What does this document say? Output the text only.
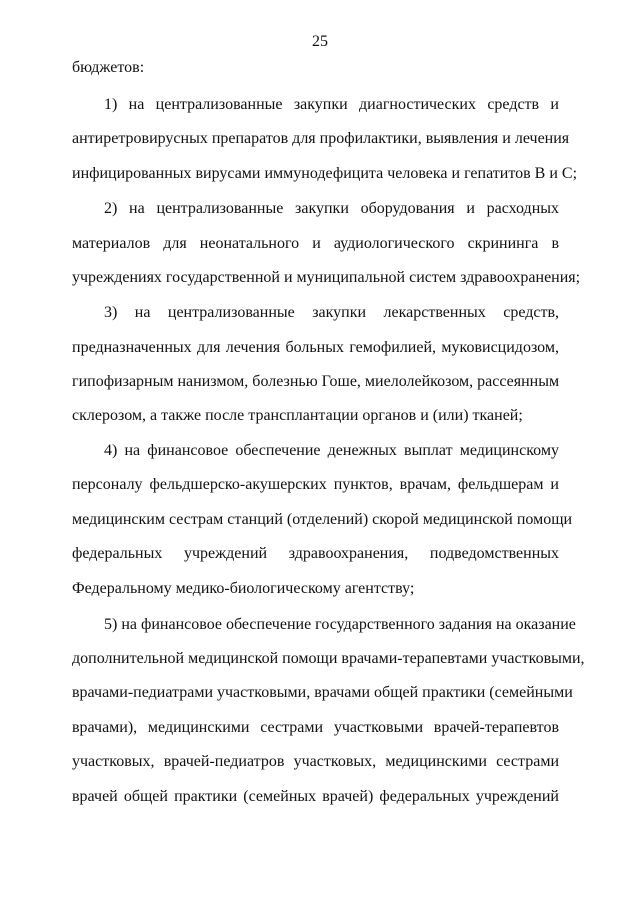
25
бюджетов:
1) на централизованные закупки диагностических средств и
антиретровирусных препаратов для профилактики, выявления и лечения
инфицированных вирусами иммунодефицита человека и гепатитов В и С;
2) на централизованные закупки оборудования и расходных
материалов для неонатального и аудиологического скрининга в
учреждениях государственной и муниципальной систем здравоохранения;
3) на централизованные закупки лекарственных средств,
предназначенных для лечения больных гемофилией, муковисцидозом,
гипофизарным нанизмом, болезнью Гоше, миелолейкозом, рассеянным
склерозом, а также после трансплантации органов и (или) тканей;
4) на финансовое обеспечение денежных выплат медицинскому
персоналу фельдшерско-акушерских пунктов, врачам, фельдшерам и
медицинским сестрам станций (отделений) скорой медицинской помощи
федеральных учреждений здравоохранения, подведомственных
Федеральному медико-биологическому агентству;
5) на финансовое обеспечение государственного задания на оказание
дополнительной медицинской помощи врачами-терапевтами участковыми,
врачами-педиатрами участковыми, врачами общей практики (семейными
врачами), медицинскими сестрами участковыми врачей-терапевтов
участковых, врачей-педиатров участковых, медицинскими сестрами
врачей общей практики (семейных врачей) федеральных учреждений
